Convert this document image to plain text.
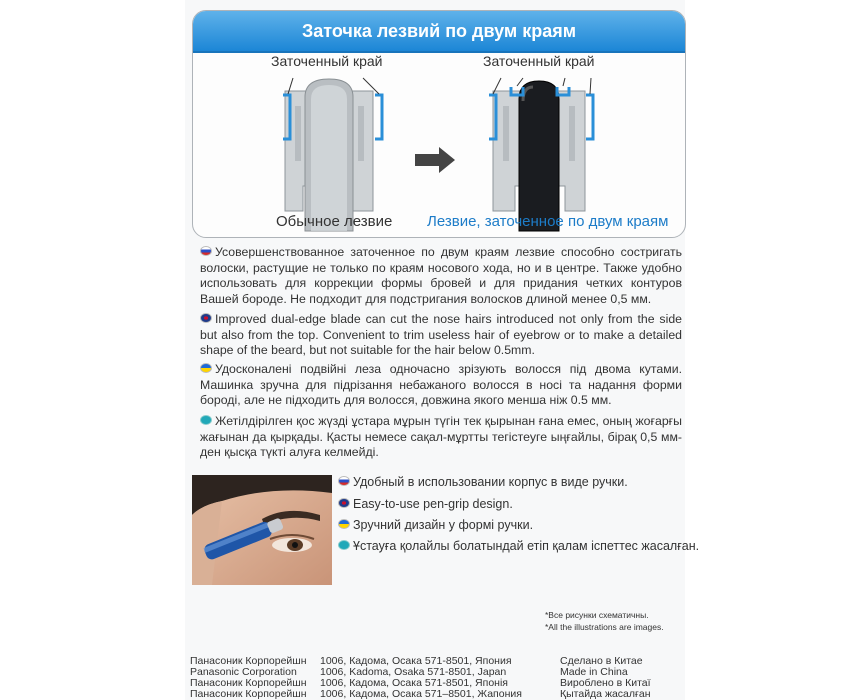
Заточка лезвий по двум краям
Заточенный край	Заточенный край
Обычное лезвие Лезвие, заточенное по двум краям
Усовершенствованное заточенное по двум краям лезвие способно состригать волоски, растущие не только по краям носового хода, но и в центре. Также удобно использовать для коррекции формы бровей и для придания четких контуров Вашей бороде. Не подходит для подстригания волосков длиной менее 0,5 мм.
Improved dual-edge blade can cut the nose hairs introduced not only from the side but also from the top. Convenient to trim useless hair of eyebrow or to make a detailed shape of the beard, but not suitable for the hair below 0.5mm.
Удосконалені подвійні леза одночасно зрізують волосся під двома кутами. Машинка зручна для підрізання небажаного волосся в носі та надання форми бороді, але не підходить для волосся, довжина якого менша ніж 0.5 мм.
Жетілдірілген қос жүзді ұстара мұрын түгін тек қырынан ғана емес, оның жоғарғы жағынан да қырқады. Қасты немесе сақал-мұртты тегістеуге ыңғайлы, бірақ 0,5 мм-ден қысқа түкті алуға келмейді.
Удобный в использовании корпус в виде ручки.
Easy-to-use pen-grip design.
Зручний дизайн у формі ручки.
Ұстауға қолайлы болатындай етіп қалам іспеттес жасалған.
*Все рисунки схематичны.
*All the illustrations are images.
Панасоник Корпорейшн
Panasonic Corporation
Панасоник Корпорейшн
Панасоник Корпорейшн
1006, Кадома, Осака 571-8501, Япония
1006, Kadoma, Osaka 571-8501, Japan
1006, Кадома, Осака 571-8501, Японія
1006, Кадома, Осака 571–8501, Жапония
Сделано в Китае
Made in China
Вироблено в Китаї
Қытайда жасалған
